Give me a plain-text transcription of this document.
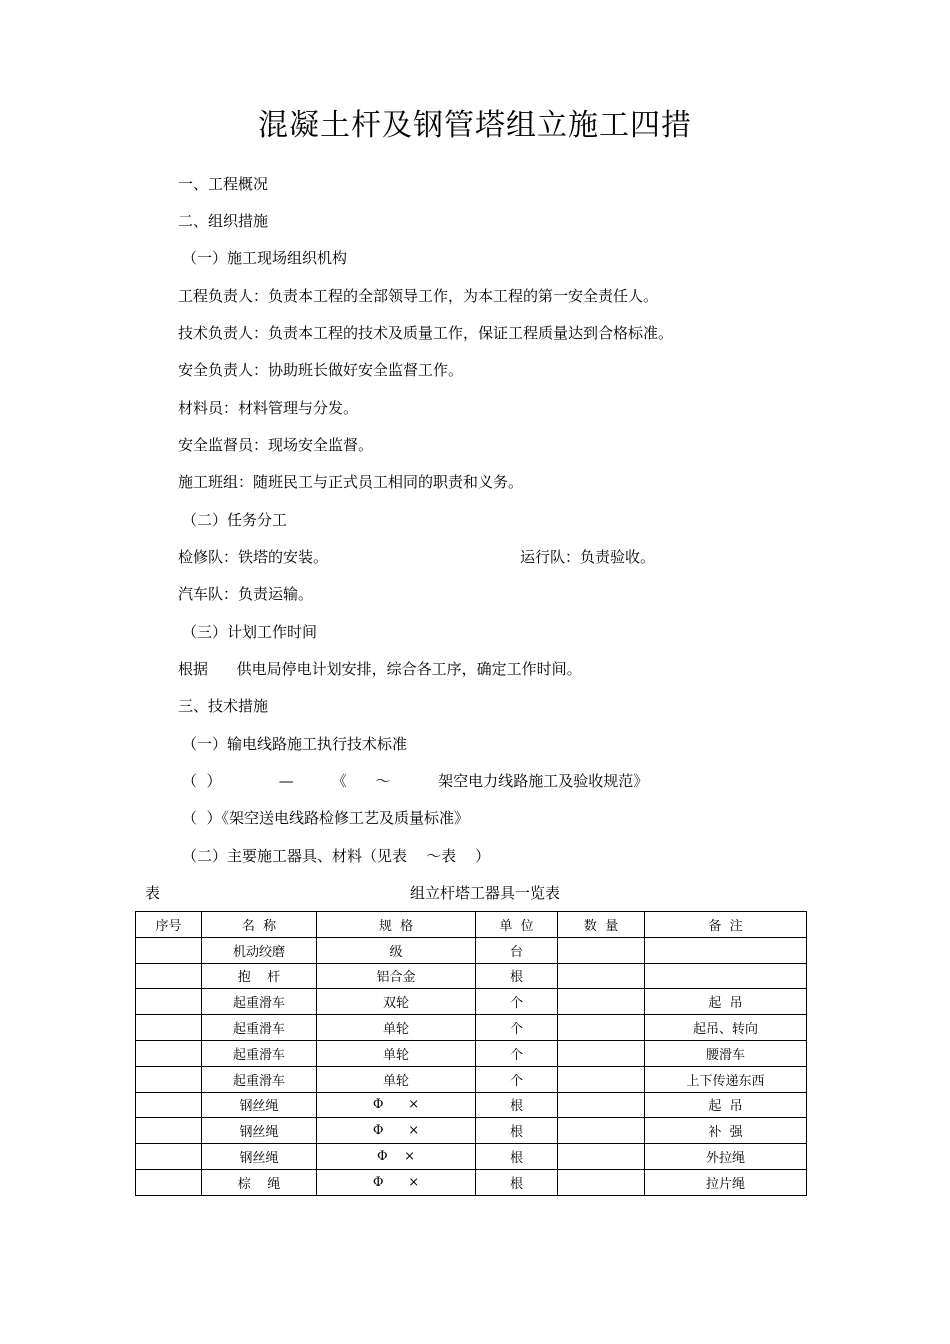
混凝土杆及钢管塔组立施工四措
一、工程概况
二、组织措施
（一）施工现场组织机构
工程负责人：负责本工程的全部领导工作，为本工程的第一安全责任人。
技术负责人：负责本工程的技术及质量工作，保证工程质量达到合格标准。
安全负责人：协助班长做好安全监督工作。
材料员：材料管理与分发。
安全监督员：现场安全监督。
施工班组：随班民工与正式员工相同的职责和义务。
（二）任务分工
检修队：铁塔的安装。	运行队：负责验收。
汽车队：负责运输。
（三）计划工作时间
根据      供电局停电计划安排，综合各工序，确定工作时间。
三、技术措施
（一）输电线路施工执行技术标准
（  ）            —        《      ～          架空电力线路施工及验收规范》
（  ）《架空送电线路检修工艺及质量标准》
（二）主要施工器具、材料（见表    ～表    ）
表	组立杆塔工器具一览表
序号	名  称	规  格	单  位	数  量	备  注
	机动绞磨	级	台		
	抱    杆	铝合金	根		
	起重滑车	双轮	个		起  吊
	起重滑车	单轮	个		起吊、转向
	起重滑车	单轮	个		腰滑车
	起重滑车	单轮	个		上下传递东西
	钢丝绳	Φ      ×	根		起  吊
	钢丝绳	Φ      ×	根		补  强
	钢丝绳	Φ    ×	根		外拉绳
	棕    绳	Φ      ×	根		拉片绳
